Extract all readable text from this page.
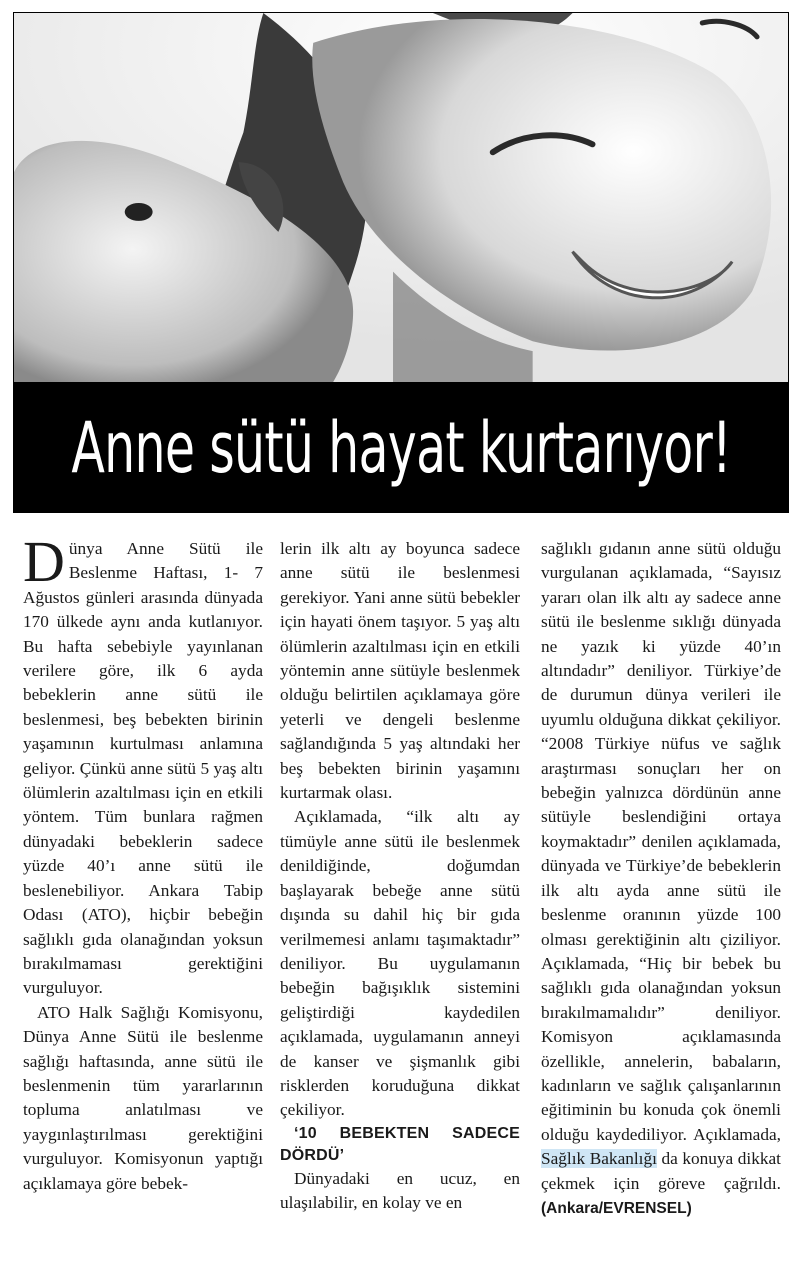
Anne sütü hayat kurtarıyor!

Dünya Anne Sütü ile Beslenme Haftası, 1- 7 Ağustos günleri arasında dünyada 170 ülkede aynı anda kutlanıyor. Bu hafta sebebiyle yayınlanan verilere göre, ilk 6 ayda bebeklerin anne sütü ile beslenmesi, beş bebekten birinin yaşamının kurtulması anlamına geliyor. Çünkü anne sütü 5 yaş altı ölümlerin azaltılması için en etkili yöntem. Tüm bunlara rağmen dünyadaki bebeklerin sadece yüzde 40’ı anne sütü ile beslenebiliyor. Ankara Tabip Odası (ATO), hiçbir bebeğin sağlıklı gıda olanağından yoksun bırakılmaması gerektiğini vurguluyor.

ATO Halk Sağlığı Komisyonu, Dünya Anne Sütü ile beslenme sağlığı haftasında, anne sütü ile beslenmenin tüm yararlarının topluma anlatılması ve yaygınlaştırılması gerektiğini vurguluyor. Komisyonun yaptığı açıklamaya göre bebek-

lerin ilk altı ay boyunca sadece anne sütü ile beslenmesi gerekiyor. Yani anne sütü bebekler için hayati önem taşıyor. 5 yaş altı ölümlerin azaltılması için en etkili yöntemin anne sütüyle beslenmek olduğu belirtilen açıklamaya göre yeterli ve dengeli beslenme sağlandığında 5 yaş altındaki her beş bebekten birinin yaşamını kurtarmak olası.

Açıklamada, “ilk altı ay tümüyle anne sütü ile beslenmek denildiğinde, doğumdan başlayarak bebeğe anne sütü dışında su dahil hiç bir gıda verilmemesi anlamı taşımaktadır” deniliyor. Bu uygulamanın bebeğin bağışıklık sistemini geliştirdiği kaydedilen açıklamada, uygulamanın anneyi de kanser ve şişmanlık gibi risklerden koruduğuna dikkat çekiliyor.

‘10 BEBEKTEN SADECE DÖRDÜ’

Dünyadaki en ucuz, en ulaşılabilir, en kolay ve en

sağlıklı gıdanın anne sütü olduğu vurgulanan açıklamada, “Sayısız yararı olan ilk altı ay sadece anne sütü ile beslenme sıklığı dünyada ne yazık ki yüzde 40’ın altındadır” deniliyor. Türkiye’de de durumun dünya verileri ile uyumlu olduğuna dikkat çekiliyor. “2008 Türkiye nüfus ve sağlık araştırması sonuçları her on bebeğin yalnızca dördünün anne sütüyle beslendiğini ortaya koymaktadır” denilen açıklamada, dünyada ve Türkiye’de bebeklerin ilk altı ayda anne sütü ile beslenme oranının yüzde 100 olması gerektiğinin altı çiziliyor. Açıklamada, “Hiç bir bebek bu sağlıklı gıda olanağından yoksun bırakılmamalıdır” deniliyor. Komisyon açıklamasında özellikle, annelerin, babaların, kadınların ve sağlık çalışanlarının eğitiminin bu konuda çok önemli olduğu kaydediliyor. Açıklamada, Sağlık Bakanlığı da konuya dikkat çekmek için göreve çağrıldı. (Ankara/EVRENSEL)
